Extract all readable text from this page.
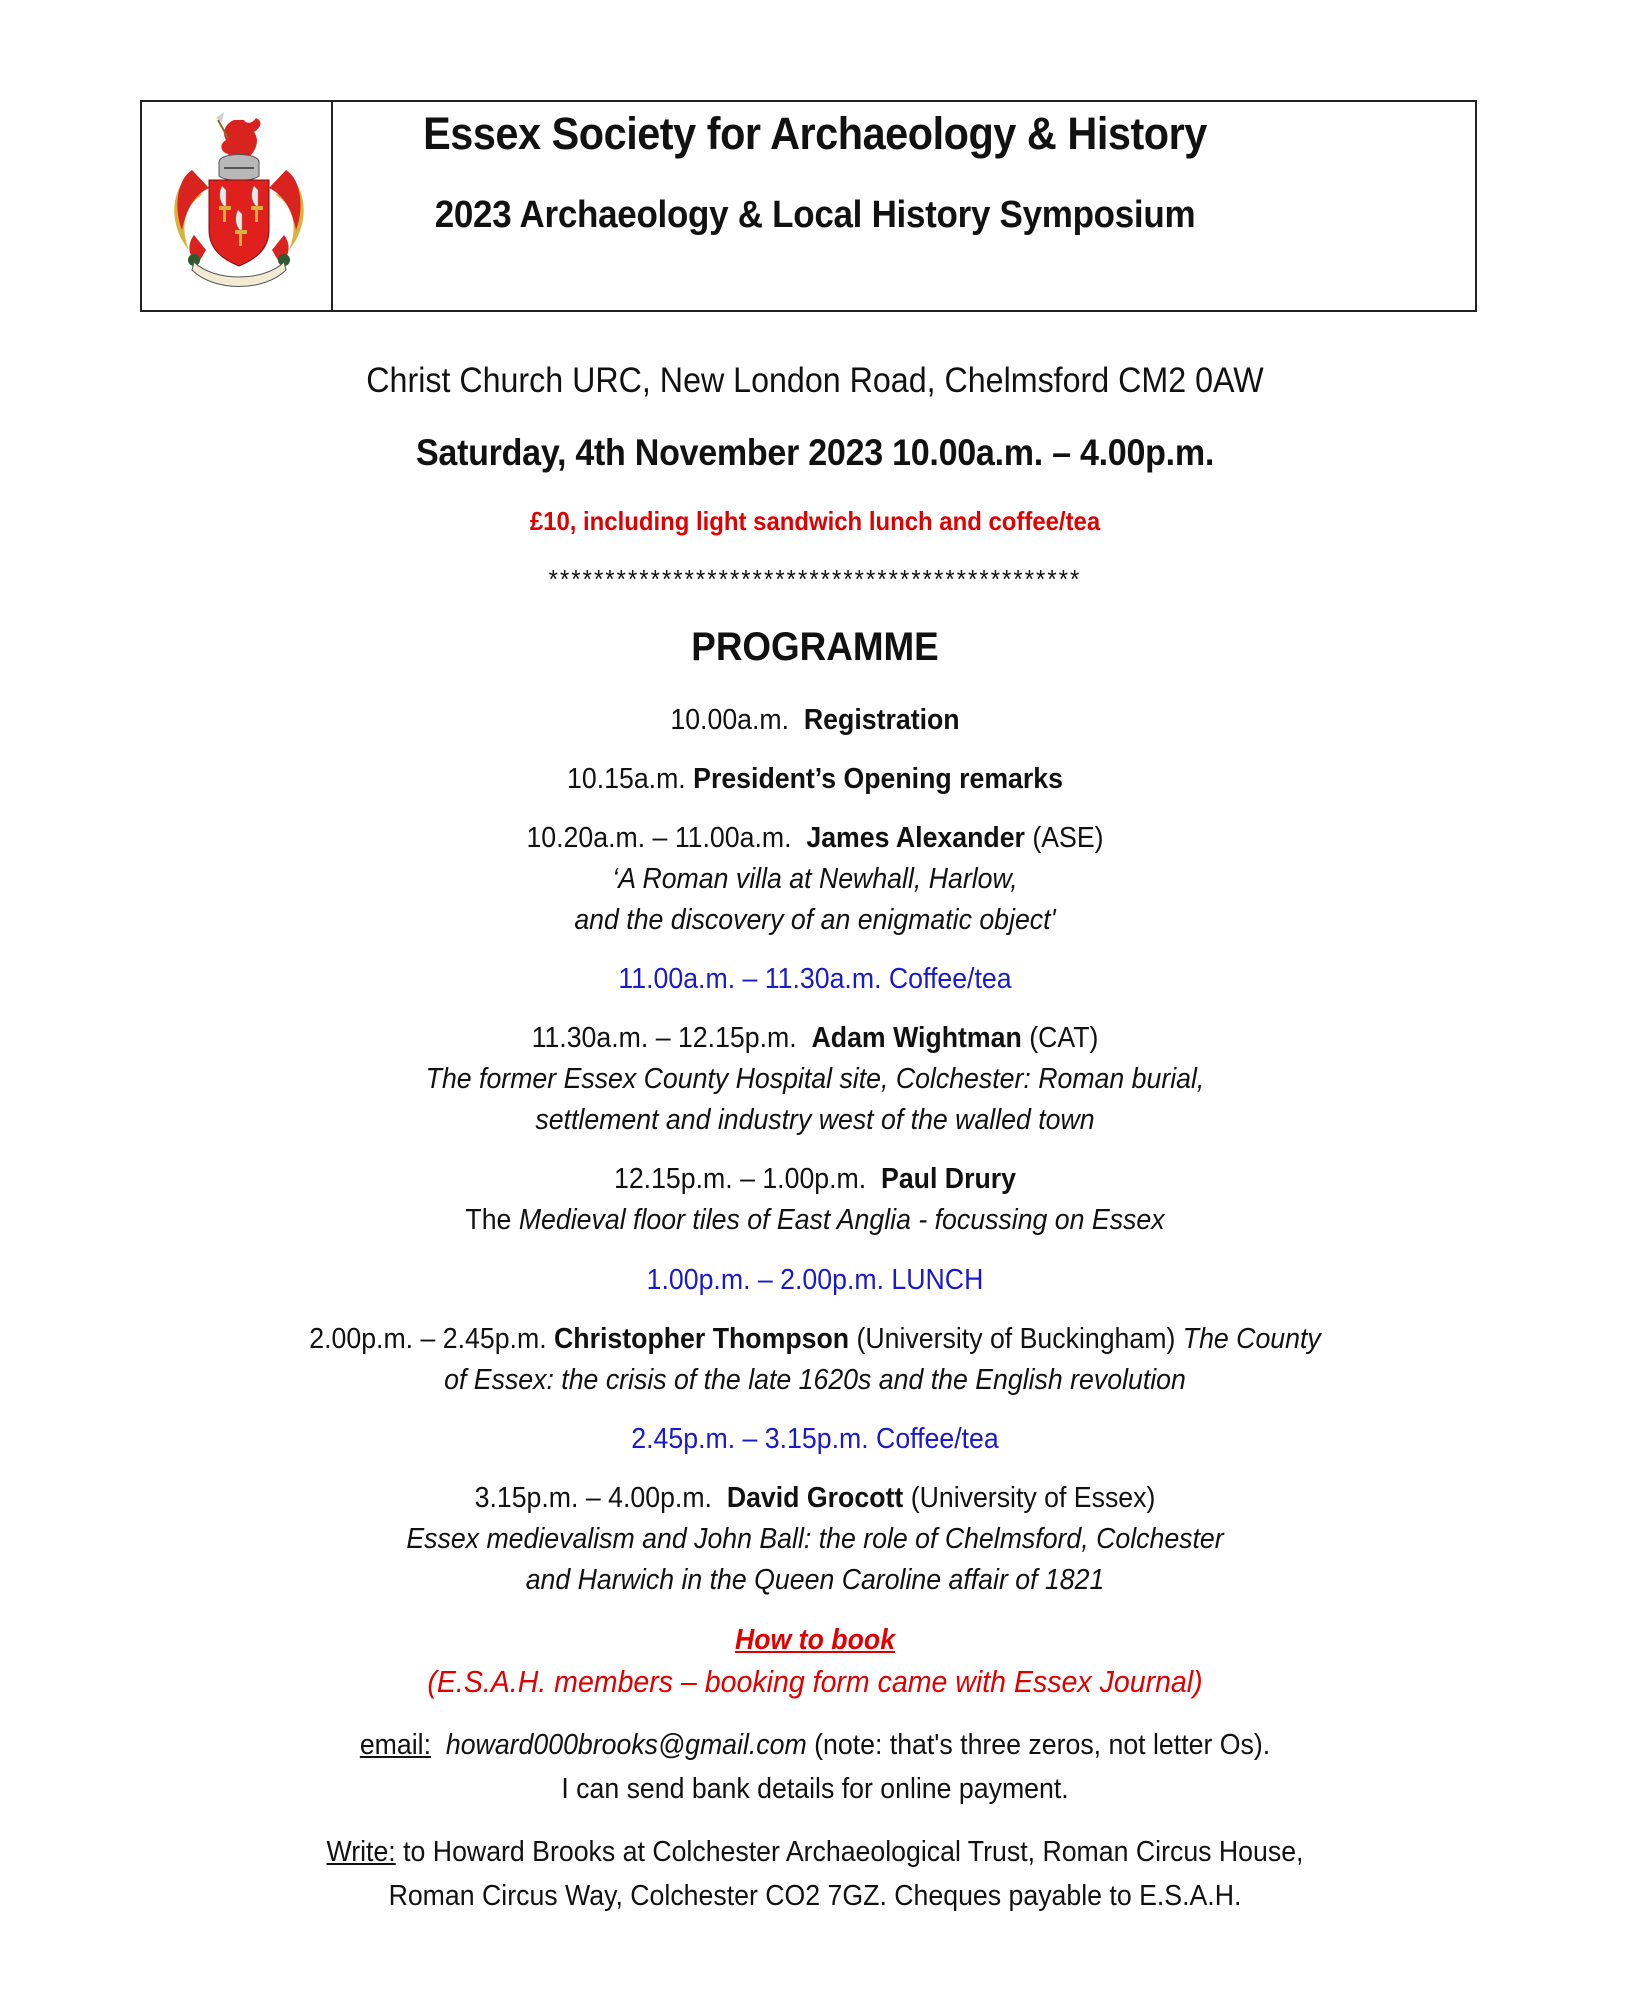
Essex Society for Archaeology & History
2023 Archaeology & Local History Symposium
Christ Church URC, New London Road, Chelmsford CM2 0AW
Saturday, 4th November 2023 10.00a.m. – 4.00p.m.
£10, including light sandwich lunch and coffee/tea
***********************************************
PROGRAMME
10.00a.m. Registration
10.15a.m. President’s Opening remarks
10.20a.m. – 11.00a.m. James Alexander (ASE)
‘A Roman villa at Newhall, Harlow,
and the discovery of an enigmatic object'
11.00a.m. – 11.30a.m. Coffee/tea
11.30a.m. – 12.15p.m. Adam Wightman (CAT)
The former Essex County Hospital site, Colchester: Roman burial,
settlement and industry west of the walled town
12.15p.m. – 1.00p.m. Paul Drury
The Medieval floor tiles of East Anglia - focussing on Essex
1.00p.m. – 2.00p.m. LUNCH
2.00p.m. – 2.45p.m. Christopher Thompson (University of Buckingham) The County
of Essex: the crisis of the late 1620s and the English revolution
2.45p.m. – 3.15p.m. Coffee/tea
3.15p.m. – 4.00p.m. David Grocott (University of Essex)
Essex medievalism and John Ball: the role of Chelmsford, Colchester
and Harwich in the Queen Caroline affair of 1821
How to book
(E.S.A.H. members – booking form came with Essex Journal)
email: howard000brooks@gmail.com (note: that's three zeros, not letter Os).
I can send bank details for online payment.
Write: to Howard Brooks at Colchester Archaeological Trust, Roman Circus House,
Roman Circus Way, Colchester CO2 7GZ. Cheques payable to E.S.A.H.
